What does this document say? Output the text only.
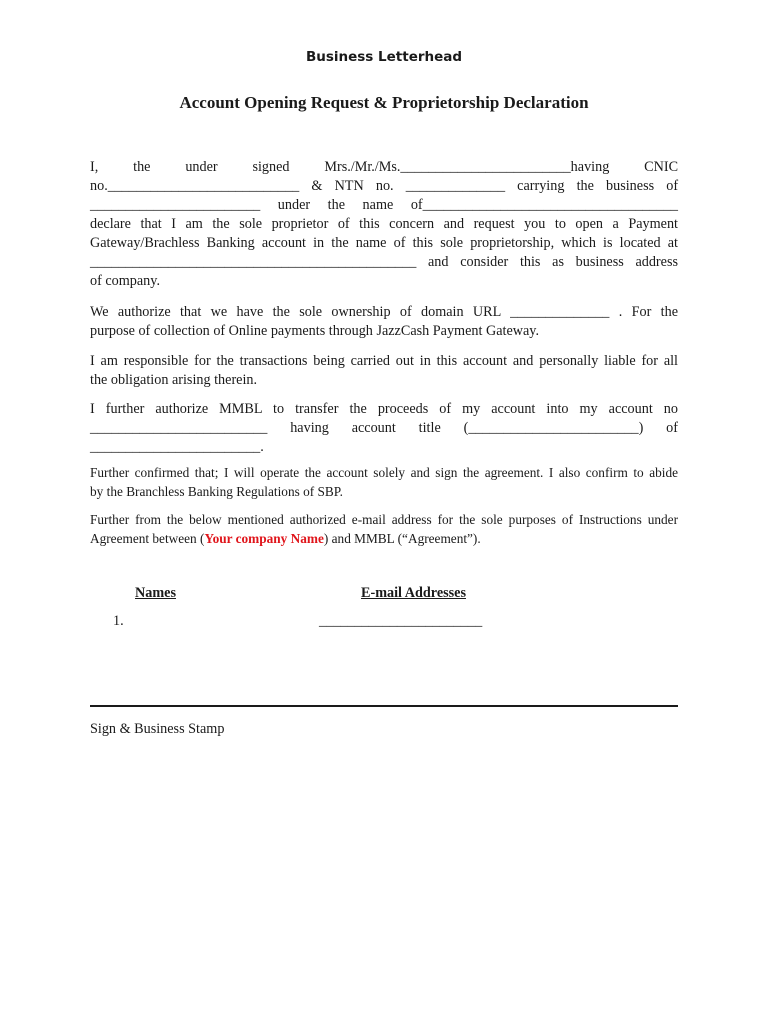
Business Letterhead
Account Opening Request & Proprietorship Declaration

I, the under signed Mrs./Mr./Ms.________________________having CNIC

no.___________________________ & NTN no. ______________ carrying the business of

________________________ under the name of____________________________________

declare that I am the sole proprietor of this concern and request you to open a Payment

Gateway/Brachless Banking account in the name of this sole proprietorship, which is located at

______________________________________________ and consider this as business address

of company.

We authorize that we have the sole ownership of domain URL ______________ . For the

purpose of collection of Online payments through JazzCash Payment Gateway.

I am responsible for the transactions being carried out in this account and personally liable for all

the obligation arising therein.

I further authorize MMBL to transfer the proceeds of my account into my account no

_________________________ having account title (________________________) of

________________________.

Further confirmed that; I will operate the account solely and sign the agreement. I also confirm to abide

by the Branchless Banking Regulations of SBP.

Further from the below mentioned authorized e-mail address for the sole purposes of Instructions under

Agreement between (Your company Name) and MMBL (“Agreement”).

Names	E-mail Addresses
1.	_______________________
Sign & Business Stamp
